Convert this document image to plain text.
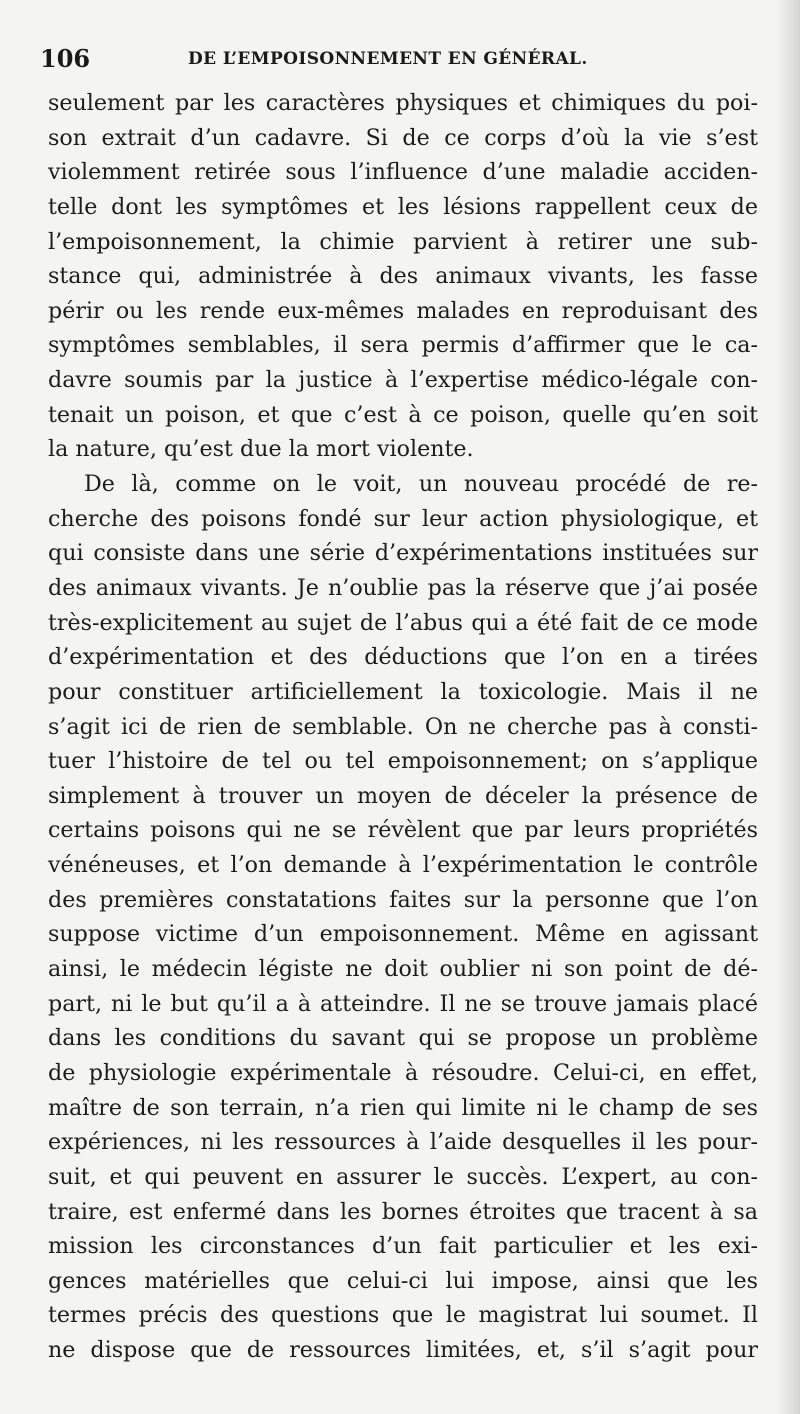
106	DE L’EMPOISONNEMENT EN GÉNÉRAL.
seulement par les caractères physiques et chimiques du poi-
son extrait d’un cadavre. Si de ce corps d’où la vie s’est
violemment retirée sous l’influence d’une maladie acciden-
telle dont les symptômes et les lésions rappellent ceux de
l’empoisonnement, la chimie parvient à retirer une sub-
stance qui, administrée à des animaux vivants, les fasse
périr ou les rende eux-mêmes malades en reproduisant des
symptômes semblables, il sera permis d’affirmer que le ca-
davre soumis par la justice à l’expertise médico-légale con-
tenait un poison, et que c’est à ce poison, quelle qu’en soit
la nature, qu’est due la mort violente.
De là, comme on le voit, un nouveau procédé de re-
cherche des poisons fondé sur leur action physiologique, et
qui consiste dans une série d’expérimentations instituées sur
des animaux vivants. Je n’oublie pas la réserve que j’ai posée
très-explicitement au sujet de l’abus qui a été fait de ce mode
d’expérimentation et des déductions que l’on en a tirées
pour constituer artificiellement la toxicologie. Mais il ne
s’agit ici de rien de semblable. On ne cherche pas à consti-
tuer l’histoire de tel ou tel empoisonnement; on s’applique
simplement à trouver un moyen de déceler la présence de
certains poisons qui ne se révèlent que par leurs propriétés
vénéneuses, et l’on demande à l’expérimentation le contrôle
des premières constatations faites sur la personne que l’on
suppose victime d’un empoisonnement. Même en agissant
ainsi, le médecin légiste ne doit oublier ni son point de dé-
part, ni le but qu’il a à atteindre. Il ne se trouve jamais placé
dans les conditions du savant qui se propose un problème
de physiologie expérimentale à résoudre. Celui-ci, en effet,
maître de son terrain, n’a rien qui limite ni le champ de ses
expériences, ni les ressources à l’aide desquelles il les pour-
suit, et qui peuvent en assurer le succès. L’expert, au con-
traire, est enfermé dans les bornes étroites que tracent à sa
mission les circonstances d’un fait particulier et les exi-
gences matérielles que celui-ci lui impose, ainsi que les
termes précis des questions que le magistrat lui soumet. Il
ne dispose que de ressources limitées, et, s’il s’agit pour
